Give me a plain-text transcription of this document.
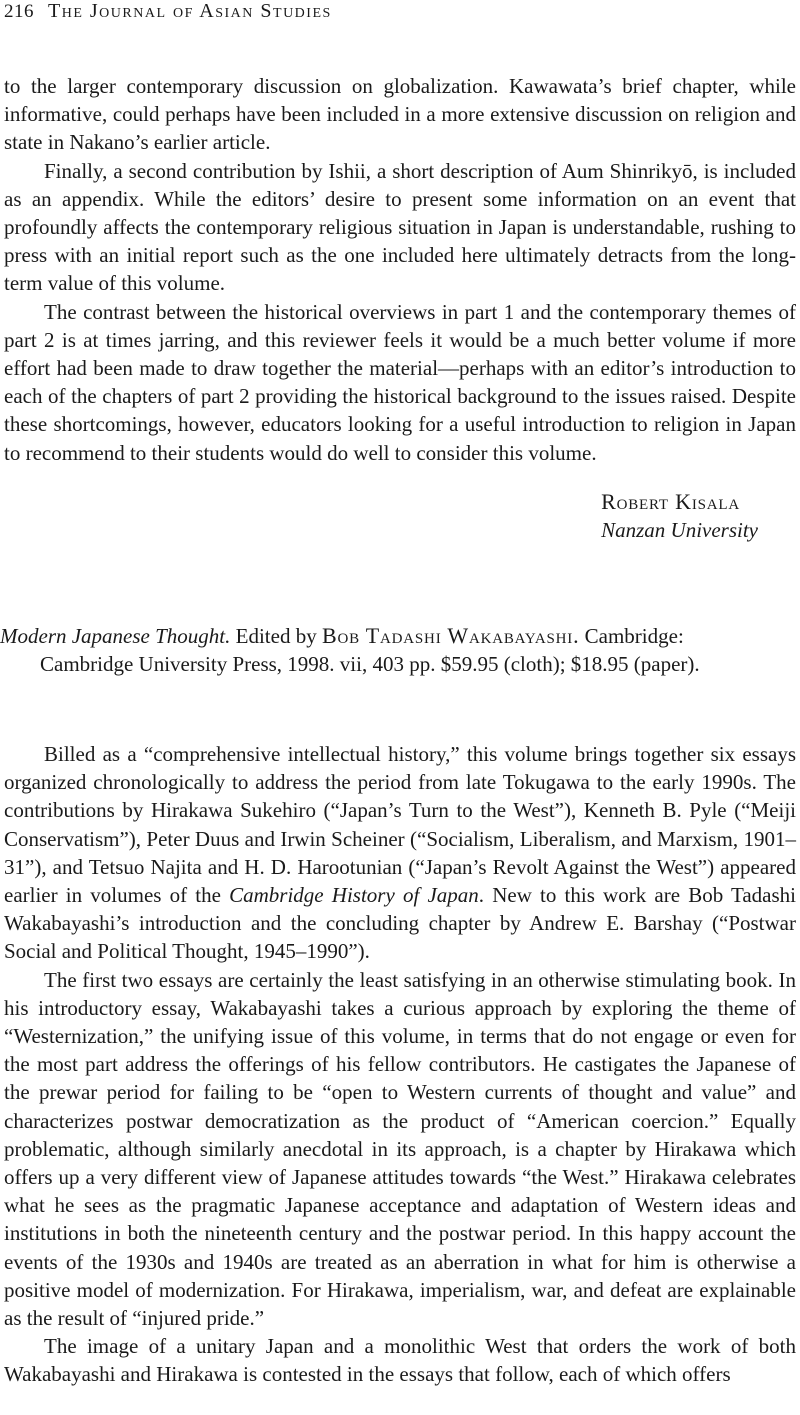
216 The Journal of Asian Studies

to the larger contemporary discussion on globalization. Kawawata’s brief chapter, while informative, could perhaps have been included in a more extensive discussion on religion and state in Nakano’s earlier article.

Finally, a second contribution by Ishii, a short description of Aum Shinrikyō, is included as an appendix. While the editors’ desire to present some information on an event that profoundly affects the contemporary religious situation in Japan is understandable, rushing to press with an initial report such as the one included here ultimately detracts from the long-term value of this volume.

The contrast between the historical overviews in part 1 and the contemporary themes of part 2 is at times jarring, and this reviewer feels it would be a much better volume if more effort had been made to draw together the material—perhaps with an editor’s introduction to each of the chapters of part 2 providing the historical background to the issues raised. Despite these shortcomings, however, educators looking for a useful introduction to religion in Japan to recommend to their students would do well to consider this volume.

Robert Kisala
Nanzan University
Modern Japanese Thought. Edited by Bob Tadashi Wakabayashi. Cambridge: Cambridge University Press, 1998. vii, 403 pp. $59.95 (cloth); $18.95 (paper).

Billed as a “comprehensive intellectual history,” this volume brings together six essays organized chronologically to address the period from late Tokugawa to the early 1990s. The contributions by Hirakawa Sukehiro (“Japan’s Turn to the West”), Kenneth B. Pyle (“Meiji Conservatism”), Peter Duus and Irwin Scheiner (“Socialism, Liberalism, and Marxism, 1901–31”), and Tetsuo Najita and H. D. Harootunian (“Japan’s Revolt Against the West”) appeared earlier in volumes of the Cambridge History of Japan. New to this work are Bob Tadashi Wakabayashi’s introduction and the concluding chapter by Andrew E. Barshay (“Postwar Social and Political Thought, 1945–1990”).

The first two essays are certainly the least satisfying in an otherwise stimulating book. In his introductory essay, Wakabayashi takes a curious approach by exploring the theme of “Westernization,” the unifying issue of this volume, in terms that do not engage or even for the most part address the offerings of his fellow contributors. He castigates the Japanese of the prewar period for failing to be “open to Western currents of thought and value” and characterizes postwar democratization as the product of “American coercion.” Equally problematic, although similarly anecdotal in its approach, is a chapter by Hirakawa which offers up a very different view of Japanese attitudes towards “the West.” Hirakawa celebrates what he sees as the pragmatic Japanese acceptance and adaptation of Western ideas and institutions in both the nineteenth century and the postwar period. In this happy account the events of the 1930s and 1940s are treated as an aberration in what for him is otherwise a positive model of modernization. For Hirakawa, imperialism, war, and defeat are explainable as the result of “injured pride.”

The image of a unitary Japan and a monolithic West that orders the work of both Wakabayashi and Hirakawa is contested in the essays that follow, each of which offers
